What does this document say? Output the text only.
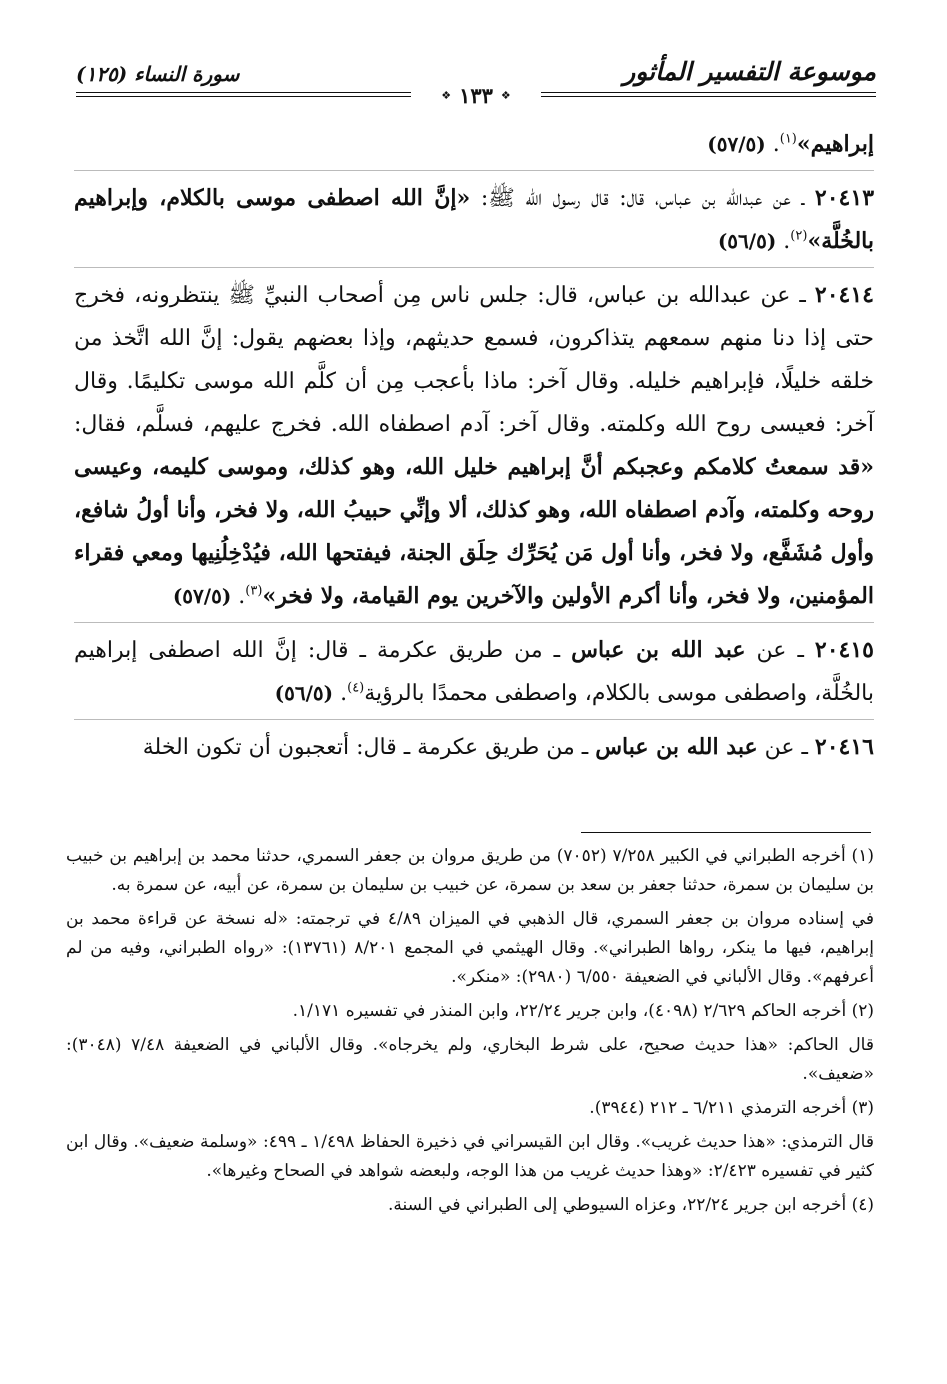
موسوعة التفسير المأثور
سورة النساء (١٢٥)
❖
١٣٣
❖

إبراهيم»$^{(١)}$. (٥٧/٥)

٢٠٤١٣ ـ عن عبدالله بن عباس، قال: قال رسول الله ﷺ: «إنَّ الله اصطفى موسى بالكلام، وإبراهيم بالخُلَّة»$^{(٢)}$. (٥٦/٥)

٢٠٤١٤ ـ عن عبدالله بن عباس، قال: جلس ناس مِن أصحاب النبيِّ ﷺ ينتظرونه، فخرج حتى إذا دنا منهم سمعهم يتذاكرون، فسمع حديثهم، وإذا بعضهم يقول: إنَّ الله اتَّخذ من خلقه خليلًا، فإبراهيم خليله. وقال آخر: ماذا بأعجب مِن أن كلَّم الله موسى تكليمًا. وقال آخر: فعيسى روح الله وكلمته. وقال آخر: آدم اصطفاه الله. فخرج عليهم، فسلَّم، فقال: «قد سمعتُ كلامكم وعجبكم أنَّ إبراهيم خليل الله، وهو كذلك، وموسى كليمه، وعيسى روحه وكلمته، وآدم اصطفاه الله، وهو كذلك، ألا وإنِّي حبيبُ الله، ولا فخر، وأنا أولُ شافع، وأول مُشَفَّع، ولا فخر، وأنا أول مَن يُحَرِّك حِلَق الجنة، فيفتحها الله، فيُدْخِلُنِيها ومعي فقراء المؤمنين، ولا فخر، وأنا أكرم الأولين والآخرين يوم القيامة، ولا فخر»$^{(٣)}$. (٥٧/٥)

٢٠٤١٥ ـ عن عبد الله بن عباس ـ من طريق عكرمة ـ قال: إنَّ الله اصطفى إبراهيم بالخُلَّة، واصطفى موسى بالكلام، واصطفى محمدًا بالرؤية$^{(٤)}$. (٥٦/٥)

٢٠٤١٦ ـ عن عبد الله بن عباس ـ من طريق عكرمة ـ قال: أتعجبون أن تكون الخلة

(١) أخرجه الطبراني في الكبير ٧/٢٥٨ (٧٠٥٢) من طريق مروان بن جعفر السمري، حدثنا محمد بن إبراهيم بن خبيب بن سليمان بن سمرة، حدثنا جعفر بن سعد بن سمرة، عن خبيب بن سليمان بن سمرة، عن أبيه، عن سمرة به.

في إسناده مروان بن جعفر السمري، قال الذهبي في الميزان ٤/٨٩ في ترجمته: «له نسخة عن قراءة محمد بن إبراهيم، فيها ما ينكر، رواها الطبراني». وقال الهيثمي في المجمع ٨/٢٠١ (١٣٧٦١): «رواه الطبراني، وفيه من لم أعرفهم». وقال الألباني في الضعيفة ٦/٥٥٠ (٢٩٨٠): «منكر».

(٢) أخرجه الحاكم ٢/٦٢٩ (٤٠٩٨)، وابن جرير ٢٢/٢٤، وابن المنذر في تفسيره ١/١٧١.

قال الحاكم: «هذا حديث صحيح، على شرط البخاري، ولم يخرجاه». وقال الألباني في الضعيفة ٧/٤٨ (٣٠٤٨): «ضعيف».

(٣) أخرجه الترمذي ٦/٢١١ ـ ٢١٢ (٣٩٤٤).

قال الترمذي: «هذا حديث غريب». وقال ابن القيسراني في ذخيرة الحفاظ ١/٤٩٨ ـ ٤٩٩: «وسلمة ضعيف». وقال ابن كثير في تفسيره ٢/٤٢٣: «وهذا حديث غريب من هذا الوجه، ولبعضه شواهد في الصحاح وغيرها».

(٤) أخرجه ابن جرير ٢٢/٢٤، وعزاه السيوطي إلى الطبراني في السنة.
